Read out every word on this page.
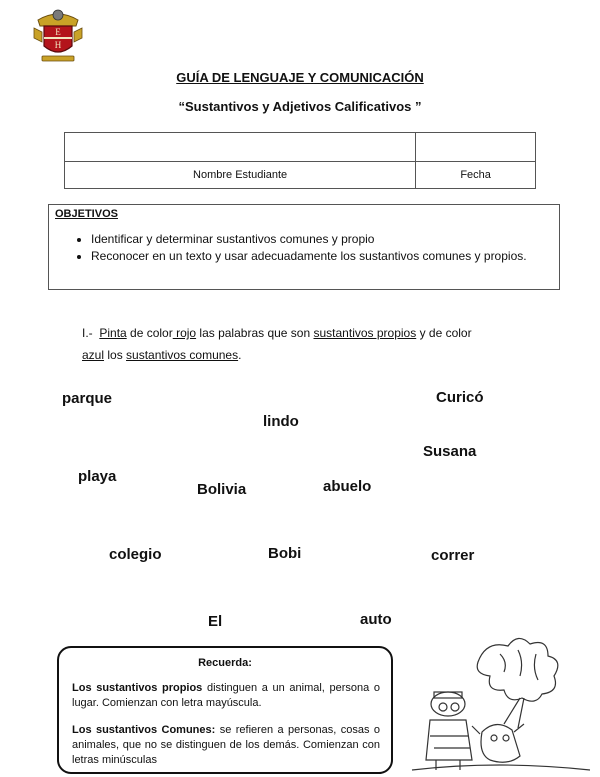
E
H
GUÍA DE LENGUAJE Y COMUNICACIÓN
“Sustantivos y Adjetivos Calificativos ”

Nombre Estudiante	Fecha
OBJETIVOS
• Identificar y determinar sustantivos comunes y propio
• Reconocer en un texto y usar adecuadamente los sustantivos comunes y propios.
I.- Pinta de color rojo las palabras que son sustantivos propios y de color
azul los sustantivos comunes.
parque	Curicó
lindo
Susana
playa
Bolivia	abuelo
colegio	Bobi	correr
El	auto
Recuerda:

Los sustantivos propios distinguen a un animal, persona o lugar. Comienzan con letra mayúscula.

Los sustantivos Comunes: se refieren a personas, cosas o animales, que no se distinguen de los demás. Comienzan con letras minúsculas
